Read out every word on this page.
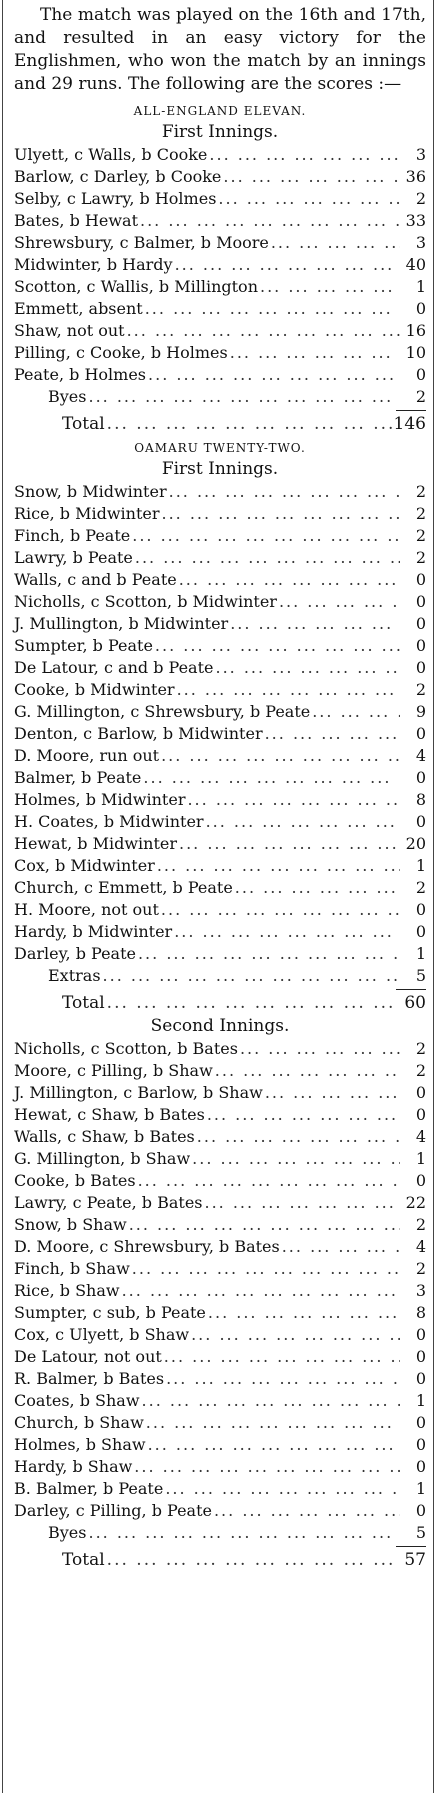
The match was played on the 16th and 17th, and resulted in an easy victory for the Englishmen, who won the match by an innings and 29 runs. The following are the scores :—

ALL-ENGLAND ELEVAN.
First Innings.
Ulyett, c Walls, b Cooke ... .	3
Barlow, c Darley, b Cooke ... .	36
Selby, c Lawry, b Holmes ... .	2
Bates, b Hewat ... .	33
Shrewsbury, c Balmer, b Moore ... .	3
Midwinter, b Hardy ... .	40
Scotton, c Wallis, b Millington ... .	1
Emmett, absent ... .	0
Shaw, not out ... .	16
Pilling, c Cooke, b Holmes ... .	10
Peate, b Holmes ... .	0
Byes ... .	2
Total ... .	146
OAMARU TWENTY-TWO.
First Innings.
Snow, b Midwinter ... .	2
Rice, b Midwinter ... .	2
Finch, b Peate ... .	2
Lawry, b Peate ... .	2
Walls, c and b Peate ... .	0
Nicholls, c Scotton, b Midwinter ... .	0
J. Mullington, b Midwinter ... .	0
Sumpter, b Peate ... .	0
De Latour, c and b Peate ... .	0
Cooke, b Midwinter ... .	2
G. Millington, c Shrewsbury, b Peate ... .	9
Denton, c Barlow, b Midwinter ... .	0
D. Moore, run out ... .	4
Balmer, b Peate ... .	0
Holmes, b Midwinter ... .	8
H. Coates, b Midwinter ... .	0
Hewat, b Midwinter ... .	20
Cox, b Midwinter ... .	1
Church, c Emmett, b Peate ... .	2
H. Moore, not out ... .	0
Hardy, b Midwinter ... .	0
Darley, b Peate ... .	1
Extras ... .	5
Total ... .	60
Second Innings.
Nicholls, c Scotton, b Bates ... .	2
Moore, c Pilling, b Shaw ... .	2
J. Millington, c Barlow, b Shaw ... .	0
Hewat, c Shaw, b Bates ... .	0
Walls, c Shaw, b Bates ... .	4
G. Millington, b Shaw ... .	1
Cooke, b Bates ... .	0
Lawry, c Peate, b Bates ... .	22
Snow, b Shaw ... .	2
D. Moore, c Shrewsbury, b Bates ... .	4
Finch, b Shaw ... .	2
Rice, b Shaw ... .	3
Sumpter, c sub, b Peate ... .	8
Cox, c Ulyett, b Shaw ... .	0
De Latour, not out ... .	0
R. Balmer, b Bates ... .	0
Coates, b Shaw ... .	1
Church, b Shaw ... .	0
Holmes, b Shaw ... .	0
Hardy, b Shaw ... .	0
B. Balmer, b Peate ... .	1
Darley, c Pilling, b Peate ... .	0
Byes ... .	5
Total ... .	57
